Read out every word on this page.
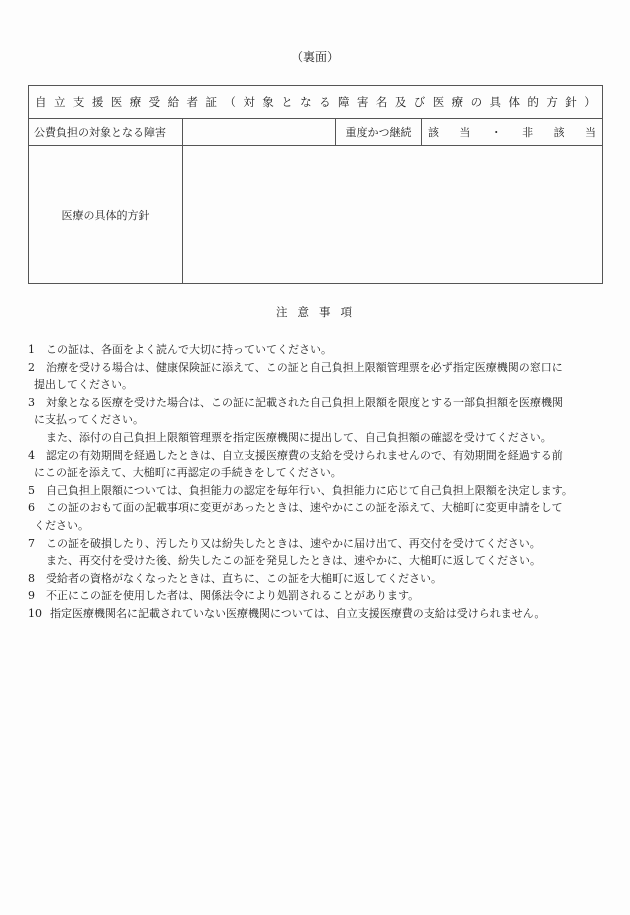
（裏面）
自 立 支 援 医 療 受 給 者 証 （ 対 象 と な る 障 害 名 及 び 医 療 の 具 体 的 方 針 ）
公費負担の対象となる障害	重度かつ継続	該 当 ・ 非 該 当
医療の具体的方針
注意事項
1 この証は、各面をよく読んで大切に持っていてください。
2 治療を受ける場合は、健康保険証に添えて、この証と自己負担上限額管理票を必ず指定医療機関の窓口に
提出してください。
3 対象となる医療を受けた場合は、この証に記載された自己負担上限額を限度とする一部負担額を医療機関
に支払ってください。
また、添付の自己負担上限額管理票を指定医療機関に提出して、自己負担額の確認を受けてください。
4 認定の有効期間を経過したときは、自立支援医療費の支給を受けられませんので、有効期間を経過する前
にこの証を添えて、大槌町に再認定の手続きをしてください。
5 自己負担上限額については、負担能力の認定を毎年行い、負担能力に応じて自己負担上限額を決定します。
6 この証のおもて面の記載事項に変更があったときは、速やかにこの証を添えて、大槌町に変更申請をして
ください。
7 この証を破損したり、汚したり又は紛失したときは、速やかに届け出て、再交付を受けてください。
また、再交付を受けた後、紛失したこの証を発見したときは、速やかに、大槌町に返してください。
8 受給者の資格がなくなったときは、直ちに、この証を大槌町に返してください。
9 不正にこの証を使用した者は、関係法令により処罰されることがあります。
10 指定医療機関名に記載されていない医療機関については、自立支援医療費の支給は受けられません。
